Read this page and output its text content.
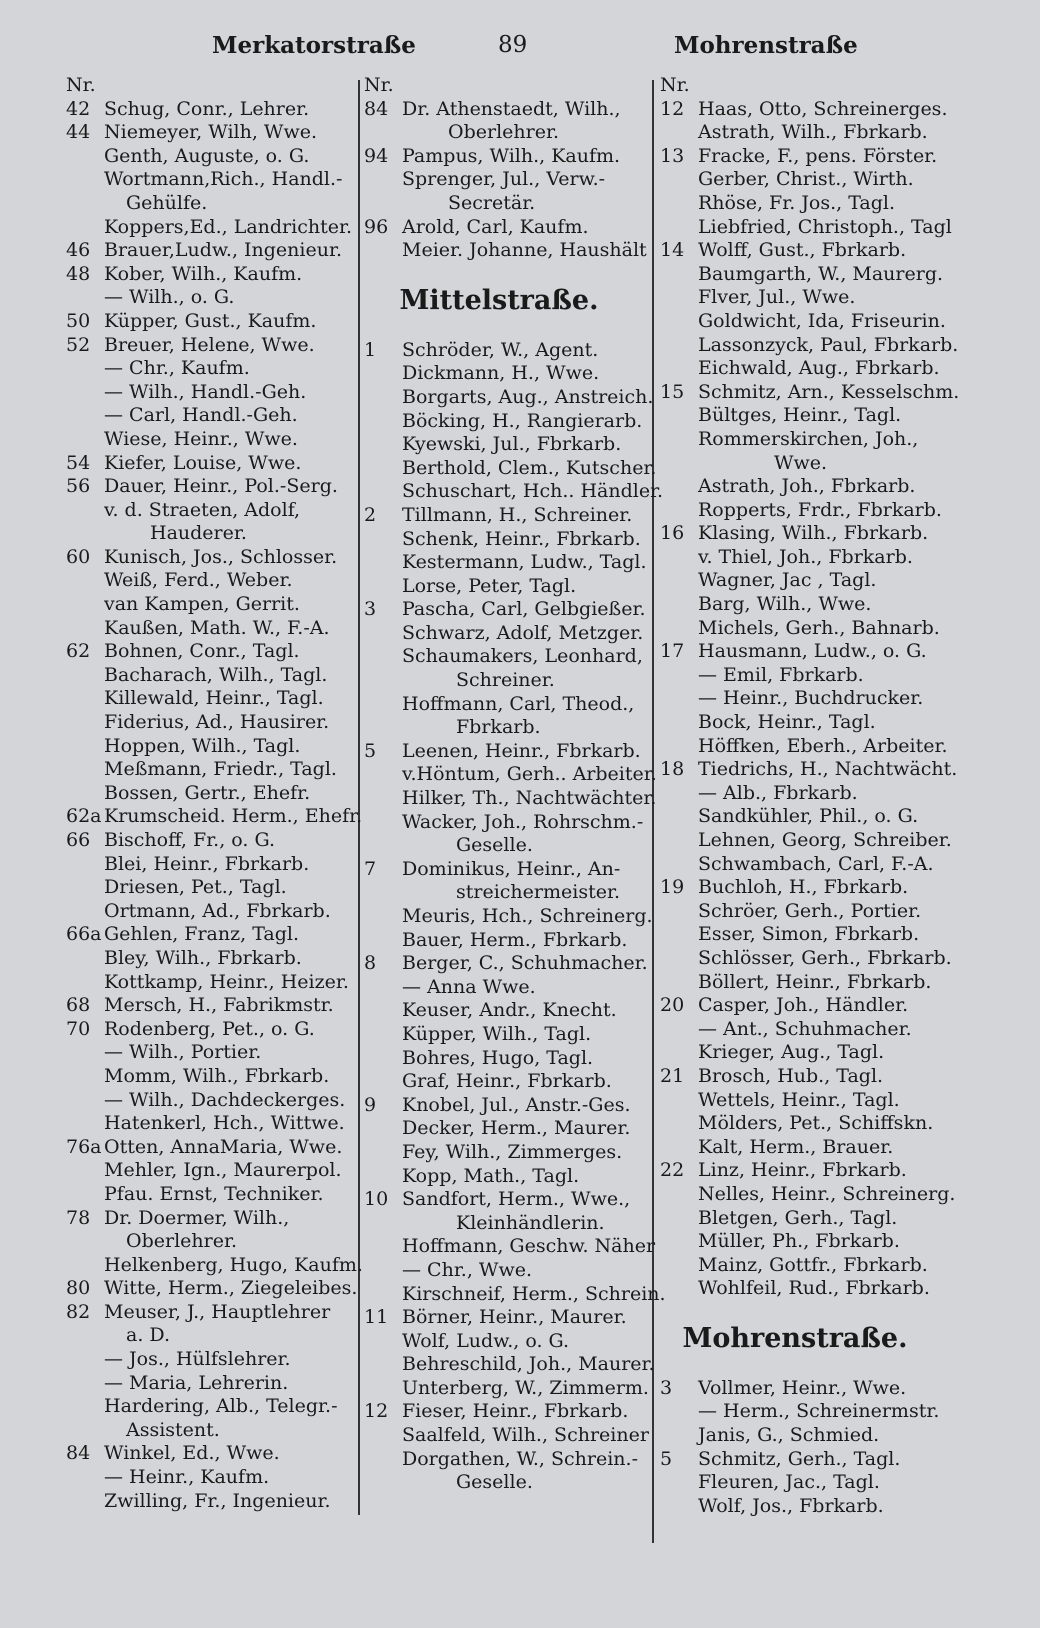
Merkatorstraße	89	Mohrenstraße
Nr.
42 Schug, Conr., Lehrer.
44 Niemeyer, Wilh, Wwe.
Genth, Auguste, o. G.
Wortmann,Rich., Handl.-
Gehülfe.
Koppers,Ed., Landrichter.
46 Brauer,Ludw., Ingenieur.
48 Kober, Wilh., Kaufm.
— Wilh., o. G.
50 Küpper, Gust., Kaufm.
52 Breuer, Helene, Wwe.
— Chr., Kaufm.
— Wilh., Handl.-Geh.
— Carl, Handl.-Geh.
Wiese, Heinr., Wwe.
54 Kiefer, Louise, Wwe.
56 Dauer, Heinr., Pol.-Serg.
v. d. Straeten, Adolf,
Hauderer.
60 Kunisch, Jos., Schlosser.
Weiß, Ferd., Weber.
van Kampen, Gerrit.
Kaußen, Math. W., F.-A.
62 Bohnen, Conr., Tagl.
Bacharach, Wilh., Tagl.
Killewald, Heinr., Tagl.
Fiderius, Ad., Hausirer.
Hoppen, Wilh., Tagl.
Meßmann, Friedr., Tagl.
Bossen, Gertr., Ehefr.
62a Krumscheid. Herm., Ehefr.
66 Bischoff, Fr., o. G.
Blei, Heinr., Fbrkarb.
Driesen, Pet., Tagl.
Ortmann, Ad., Fbrkarb.
66a Gehlen, Franz, Tagl.
Bley, Wilh., Fbrkarb.
Kottkamp, Heinr., Heizer.
68 Mersch, H., Fabrikmstr.
70 Rodenberg, Pet., o. G.
— Wilh., Portier.
Momm, Wilh., Fbrkarb.
— Wilh., Dachdeckerges.
Hatenkerl, Hch., Wittwe.
76a Otten, AnnaMaria, Wwe.
Mehler, Ign., Maurerpol.
Pfau. Ernst, Techniker.
78 Dr. Doermer, Wilh.,
Oberlehrer.
Helkenberg, Hugo, Kaufm.
80 Witte, Herm., Ziegeleibes.
82 Meuser, J., Hauptlehrer
a. D.
— Jos., Hülfslehrer.
— Maria, Lehrerin.
Hardering, Alb., Telegr.-
Assistent.
84 Winkel, Ed., Wwe.
— Heinr., Kaufm.
Zwilling, Fr., Ingenieur.
Nr.
84 Dr. Athenstaedt, Wilh.,
Oberlehrer.
94 Pampus, Wilh., Kaufm.
Sprenger, Jul., Verw.-
Secretär.
96 Arold, Carl, Kaufm.
Meier. Johanne, Haushält
Mittelstraße.
1	Schröder, W., Agent.
Dickmann, H., Wwe.
Borgarts, Aug., Anstreich.
Böcking, H., Rangierarb.
Kyewski, Jul., Fbrkarb.
Berthold, Clem., Kutscher.
Schuschart, Hch.. Händler.
2	Tillmann, H., Schreiner.
Schenk, Heinr., Fbrkarb.
Kestermann, Ludw., Tagl.
Lorse, Peter, Tagl.
3	Pascha, Carl, Gelbgießer.
Schwarz, Adolf, Metzger.
Schaumakers, Leonhard,
Schreiner.
Hoffmann, Carl, Theod.,
Fbrkarb.
5	Leenen, Heinr., Fbrkarb.
v.Höntum, Gerh.. Arbeiter.
Hilker, Th., Nachtwächter.
Wacker, Joh., Rohrschm.-
Geselle.
7	Dominikus, Heinr., An-
streichermeister.
Meuris, Hch., Schreinerg.
Bauer, Herm., Fbrkarb.
8	Berger, C., Schuhmacher.
— Anna Wwe.
Keuser, Andr., Knecht.
Küpper, Wilh., Tagl.
Bohres, Hugo, Tagl.
Graf, Heinr., Fbrkarb.
9	Knobel, Jul., Anstr.-Ges.
Decker, Herm., Maurer.
Fey, Wilh., Zimmerges.
Kopp, Math., Tagl.
10 Sandfort, Herm., Wwe.,
Kleinhändlerin.
Hoffmann, Geschw. Näher
— Chr., Wwe.
Kirschneif, Herm., Schrein.
11 Börner, Heinr., Maurer.
Wolf, Ludw., o. G.
Behreschild, Joh., Maurer.
Unterberg, W., Zimmerm.
12 Fieser, Heinr., Fbrkarb.
Saalfeld, Wilh., Schreiner
Dorgathen, W., Schrein.-
Geselle.
Nr.
12 Haas, Otto, Schreinerges.
Astrath, Wilh., Fbrkarb.
13 Fracke, F., pens. Förster.
Gerber, Christ., Wirth.
Rhöse, Fr. Jos., Tagl.
Liebfried, Christoph., Tagl
14 Wolff, Gust., Fbrkarb.
Baumgarth, W., Maurerg.
Flver, Jul., Wwe.
Goldwicht, Ida, Friseurin.
Lassonzyck, Paul, Fbrkarb.
Eichwald, Aug., Fbrkarb.
15 Schmitz, Arn., Kesselschm.
Bültges, Heinr., Tagl.
Rommerskirchen, Joh.,
Wwe.
Astrath, Joh., Fbrkarb.
Ropperts, Frdr., Fbrkarb.
16 Klasing, Wilh., Fbrkarb.
v. Thiel, Joh., Fbrkarb.
Wagner, Jac , Tagl.
Barg, Wilh., Wwe.
Michels, Gerh., Bahnarb.
17 Hausmann, Ludw., o. G.
— Emil, Fbrkarb.
— Heinr., Buchdrucker.
Bock, Heinr., Tagl.
Höffken, Eberh., Arbeiter.
18 Tiedrichs, H., Nachtwächt.
— Alb., Fbrkarb.
Sandkühler, Phil., o. G.
Lehnen, Georg, Schreiber.
Schwambach, Carl, F.-A.
19 Buchloh, H., Fbrkarb.
Schröer, Gerh., Portier.
Esser, Simon, Fbrkarb.
Schlösser, Gerh., Fbrkarb.
Böllert, Heinr., Fbrkarb.
20 Casper, Joh., Händler.
— Ant., Schuhmacher.
Krieger, Aug., Tagl.
21 Brosch, Hub., Tagl.
Wettels, Heinr., Tagl.
Mölders, Pet., Schiffskn.
Kalt, Herm., Brauer.
22 Linz, Heinr., Fbrkarb.
Nelles, Heinr., Schreinerg.
Bletgen, Gerh., Tagl.
Müller, Ph., Fbrkarb.
Mainz, Gottfr., Fbrkarb.
Wohlfeil, Rud., Fbrkarb.
Mohrenstraße.
3	Vollmer, Heinr., Wwe.
— Herm., Schreinermstr.
Janis, G., Schmied.
5	Schmitz, Gerh., Tagl.
Fleuren, Jac., Tagl.
Wolf, Jos., Fbrkarb.
